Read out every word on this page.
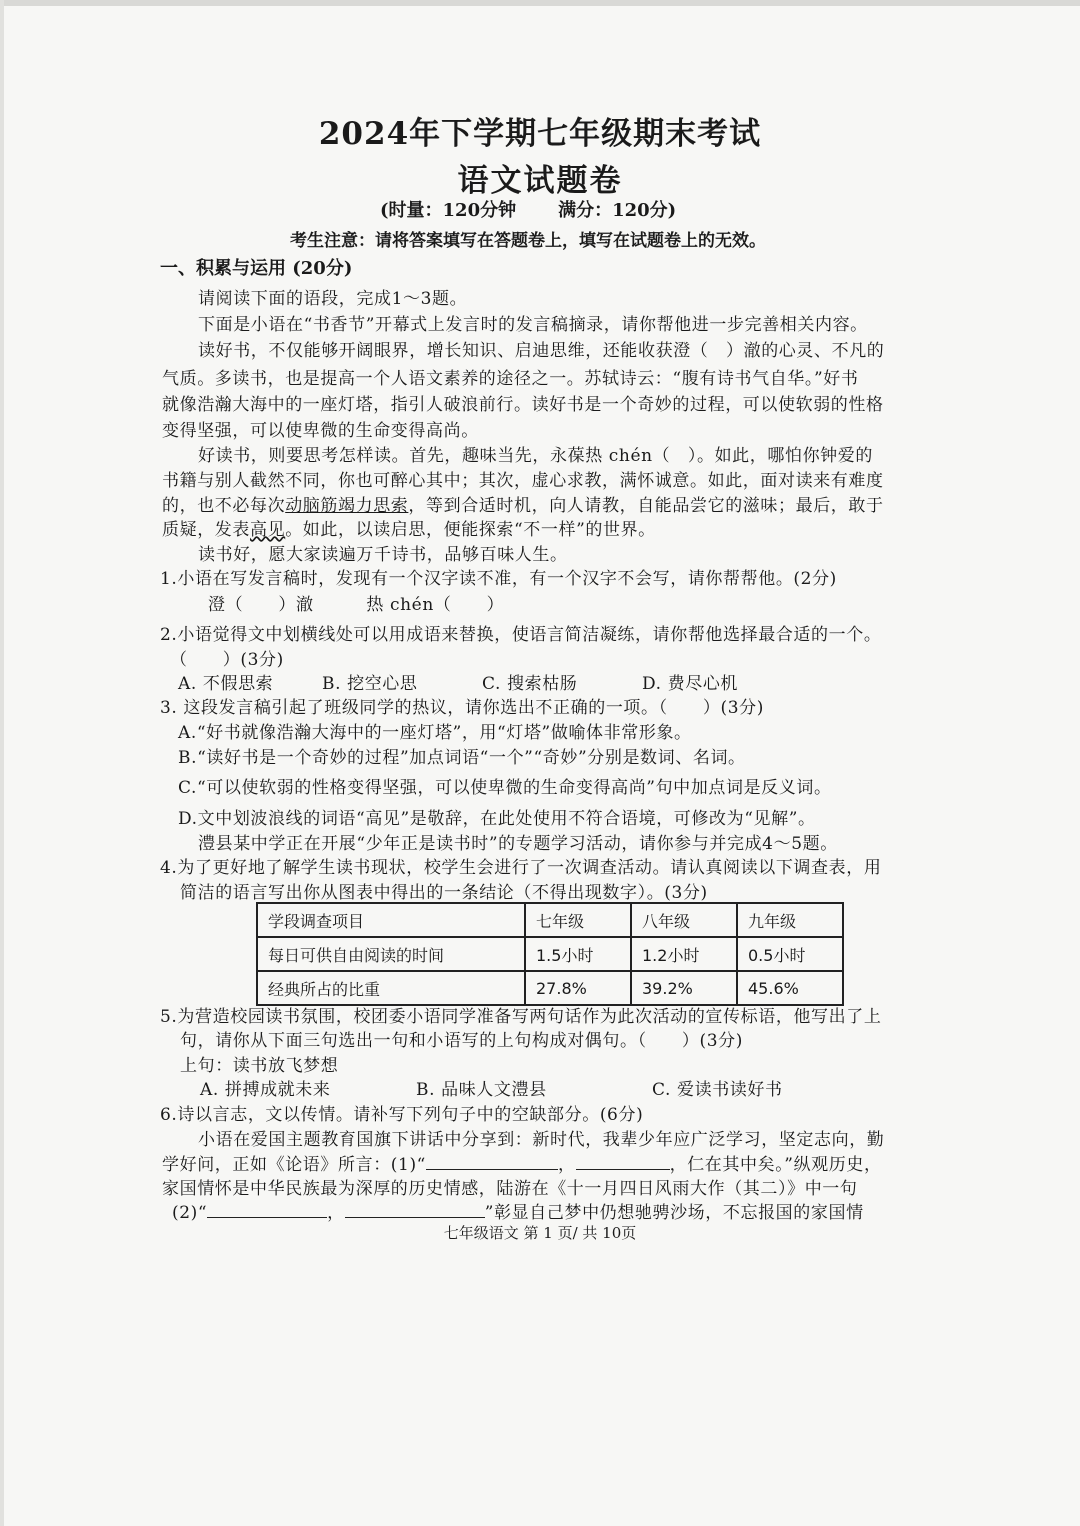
2024年下学期七年级期末考试
语文试题卷
(时量：120分钟 满分：120分)
考生注意：请将答案填写在答题卷上，填写在试题卷上的无效。
一、积累与运用 (20分)
请阅读下面的语段，完成1～3题。
下面是小语在“书香节”开幕式上发言时的发言稿摘录，请你帮他进一步完善相关内容。
读好书，不仅能够开阔眼界，增长知识、启迪思维，还能收获澄（　）澈的心灵、不凡的
气质。多读书，也是提高一个人语文素养的途径之一。苏轼诗云：“腹有诗书气自华。”好书
就像浩瀚大海中的一座灯塔，指引人破浪前行。读好书是一个奇妙的过程，可以使软弱的性格
变得坚强，可以使卑微的生命变得高尚。
好读书，则要思考怎样读。首先，趣味当先，永葆热 chén（　）。如此，哪怕你钟爱的
书籍与别人截然不同，你也可醉心其中；其次，虚心求教，满怀诚意。如此，面对读来有难度
的，也不必每次动脑筋竭力思索，等到合适时机，向人请教，自能品尝它的滋味；最后，敢于
质疑，发表高见。如此，以读启思，便能探索“不一样”的世界。
读书好，愿大家读遍万千诗书，品够百味人生。
1.小语在写发言稿时，发现有一个汉字读不准，有一个汉字不会写，请你帮帮他。(2分)
澄（　　）澈　　　热 chén（　　）
2.小语觉得文中划横线处可以用成语来替换，使语言简洁凝练，请你帮他选择最合适的一个。
（　　）(3分)
A. 不假思索	B. 挖空心思	C. 搜索枯肠	D. 费尽心机
3. 这段发言稿引起了班级同学的热议，请你选出不正确的一项。（　　）(3分)
A.“好书就像浩瀚大海中的一座灯塔”，用“灯塔”做喻体非常形象。
B.“读好书是一个奇妙的过程”加点词语“一个”“奇妙”分别是数词、名词。
C.“可以使软弱的性格变得坚强，可以使卑微的生命变得高尚”句中加点词是反义词。
D.文中划波浪线的词语“高见”是敬辞，在此处使用不符合语境，可修改为“见解”。
澧县某中学正在开展“少年正是读书时”的专题学习活动，请你参与并完成4～5题。
4.为了更好地了解学生读书现状，校学生会进行了一次调查活动。请认真阅读以下调查表，用
简洁的语言写出你从图表中得出的一条结论（不得出现数字）。(3分)
学段调查项目	七年级	八年级	九年级
每日可供自由阅读的时间	1.5小时	1.2小时	0.5小时
经典所占的比重	27.8%	39.2%	45.6%
5.为营造校园读书氛围，校团委小语同学准备写两句话作为此次活动的宣传标语，他写出了上
句，请你从下面三句选出一句和小语写的上句构成对偶句。（　　）(3分)
上句：读书放飞梦想
A. 拼搏成就未来	B. 品味人文澧县	C. 爱读书读好书
6.诗以言志，文以传情。请补写下列句子中的空缺部分。(6分)
小语在爱国主题教育国旗下讲话中分享到：新时代，我辈少年应广泛学习，坚定志向，勤
学好问，正如《论语》所言：(1)“	，	，仁在其中矣。”纵观历史，
家国情怀是中华民族最为深厚的历史情感，陆游在《十一月四日风雨大作（其二）》中一句
(2)“	，	”彰显自己梦中仍想驰骋沙场，不忘报国的家国情
七年级语文 第 1 页/ 共 10页
